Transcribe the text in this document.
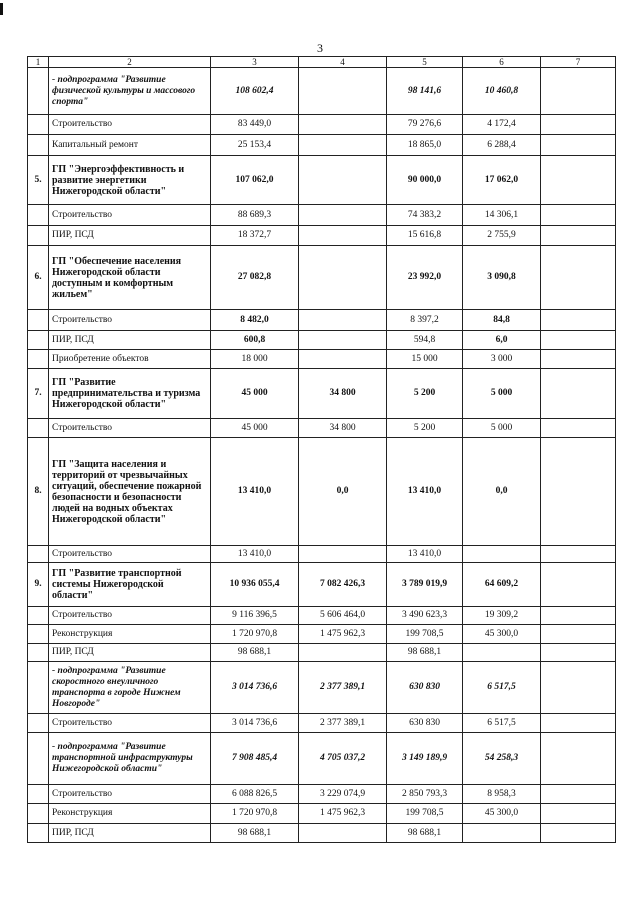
3
1	2	3	4	5	6	7
	- подпрограмма "Развитие физической культуры и массового спорта"	108 602,4		98 141,6	10 460,8	
	Строительство	83 449,0		79 276,6	4 172,4	
	Капитальный ремонт	25 153,4		18 865,0	6 288,4	
5.	ГП "Энергоэффективность и развитие энергетики Нижегородской области"	107 062,0		90 000,0	17 062,0	
	Строительство	88 689,3		74 383,2	14 306,1	
	ПИР, ПСД	18 372,7		15 616,8	2 755,9	
6.	ГП "Обеспечение населения Нижегородской области доступным и комфортным жильем"	27 082,8		23 992,0	3 090,8	
	Строительство	8 482,0		8 397,2	84,8	
	ПИР, ПСД	600,8		594,8	6,0	
	Приобретение объектов	18 000		15 000	3 000	
7.	ГП "Развитие предпринимательства и туризма Нижегородской области"	45 000	34 800	5 200	5 000	
	Строительство	45 000	34 800	5 200	5 000	
8.	ГП "Защита населения и территорий от чрезвычайных ситуаций, обеспечение пожарной безопасности и безопасности людей на водных объектах Нижегородской области"	13 410,0	0,0	13 410,0	0,0	
	Строительство	13 410,0		13 410,0		
9.	ГП "Развитие транспортной системы Нижегородской области"	10 936 055,4	7 082 426,3	3 789 019,9	64 609,2	
	Строительство	9 116 396,5	5 606 464,0	3 490 623,3	19 309,2	
	Реконструкция	1 720 970,8	1 475 962,3	199 708,5	45 300,0	
	ПИР, ПСД	98 688,1		98 688,1		
	- подпрограмма "Развитие скоростного внеуличного транспорта в городе Нижнем Новгороде"	3 014 736,6	2 377 389,1	630 830	6 517,5	
	Строительство	3 014 736,6	2 377 389,1	630 830	6 517,5	
	- подпрограмма "Развитие транспортной инфраструктуры Нижегородской области"	7 908 485,4	4 705 037,2	3 149 189,9	54 258,3	
	Строительство	6 088 826,5	3 229 074,9	2 850 793,3	8 958,3	
	Реконструкция	1 720 970,8	1 475 962,3	199 708,5	45 300,0	
	ПИР, ПСД	98 688,1		98 688,1		
